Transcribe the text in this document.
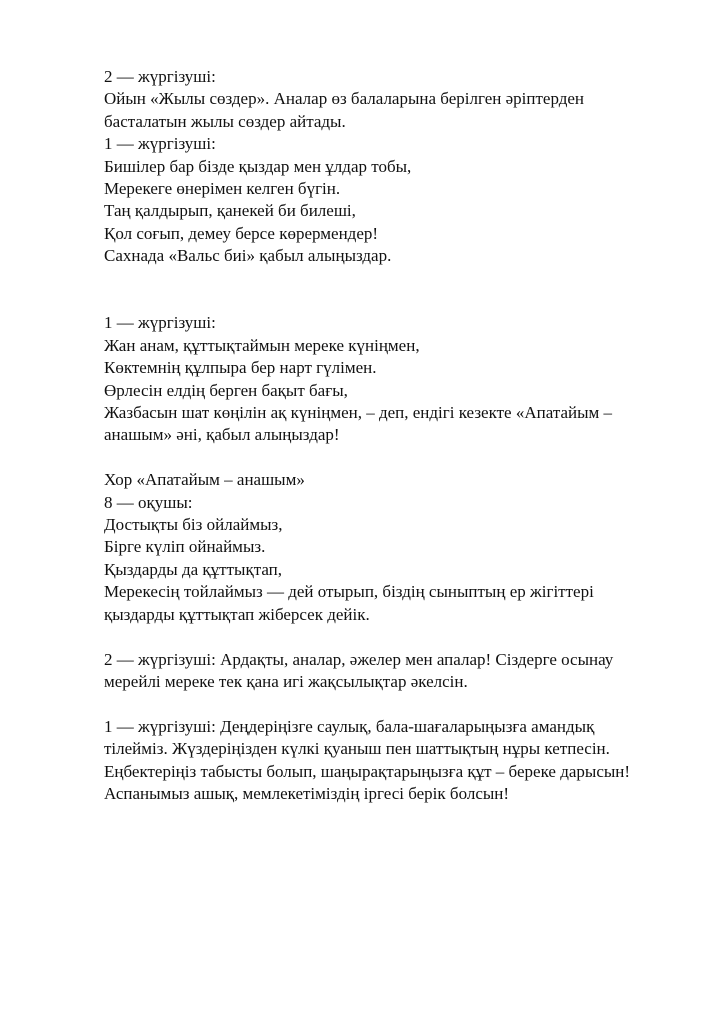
2 — жүргізуші:

Ойын «Жылы сөздер». Аналар өз балаларына берілген әріптерден

басталатын жылы сөздер айтады.

1 — жүргізуші:

Бишілер бар бізде қыздар мен ұлдар тобы,

Мерекеге өнерімен келген бүгін.

Таң қалдырып, қанекей би билеші,

Қол соғып, демеу берсе көрермендер!

Сахнада «Вальс биі» қабыл алыңыздар.

1 — жүргізуші:

Жан анам, құттықтаймын мереке күніңмен,

Көктемнің құлпыра бер нарт гүлімен.

Өрлесін елдің берген бақыт бағы,

Жазбасын шат көңілін ақ күніңмен, – деп, ендігі кезекте «Апатайым –

анашым» әні, қабыл алыңыздар!

Хор «Апатайым – анашым»

8 — оқушы:

Достықты біз ойлаймыз,

Бірге күліп ойнаймыз.

Қыздарды да құттықтап,

Мерекесің тойлаймыз — дей отырып, біздің сыныптың ер жігіттері

қыздарды құттықтап жіберсек дейік.

2 — жүргізуші: Ардақты, аналар, әжелер мен апалар! Сіздерге осынау

мерейлі мереке тек қана игі жақсылықтар әкелсін.

1 — жүргізуші: Деңдеріңізге саулық, бала-шағаларыңызға амандық

тілейміз. Жүздеріңізден күлкі қуаныш пен шаттықтың нұры кетпесін.

Еңбектеріңіз табысты болып, шаңырақтарыңызға құт – береке дарысын!

Аспанымыз ашық, мемлекетіміздің іргесі берік болсын!
